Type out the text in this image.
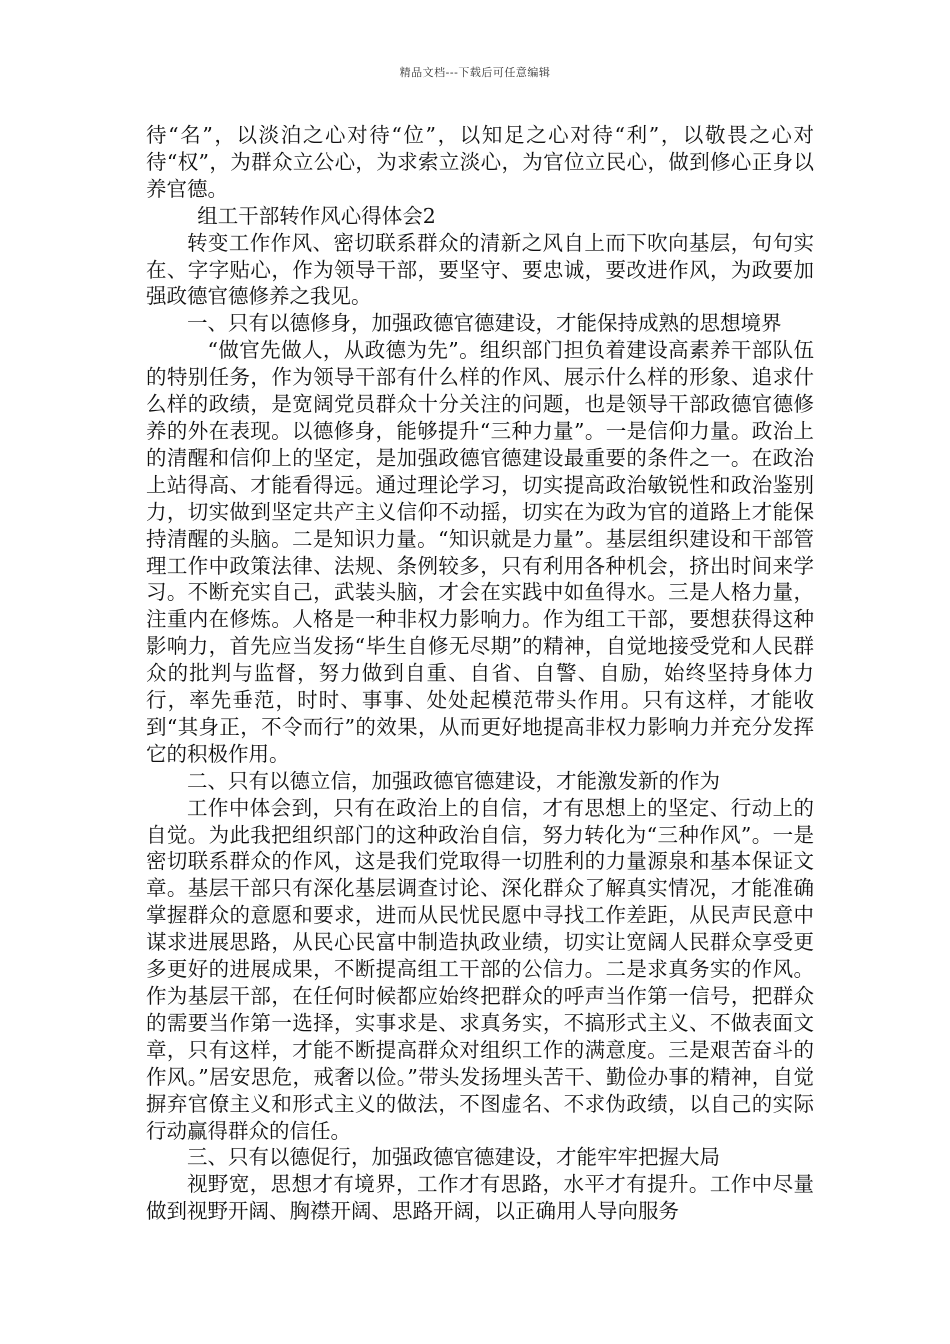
精品文档---下载后可任意编辑

待“名”，以淡泊之心对待“位”，以知足之心对待“利”，以敬畏之心对待“权”，为群众立公心，为求索立淡心，为官位立民心，做到修心正身以养官德。

组工干部转作风心得体会2

转变工作作风、密切联系群众的清新之风自上而下吹向基层，句句实在、字字贴心，作为领导干部，要坚守、要忠诚，要改进作风，为政要加强政德官德修养之我见。

一、只有以德修身，加强政德官德建设，才能保持成熟的思想境界

“做官先做人，从政德为先”。组织部门担负着建设高素养干部队伍的特别任务，作为领导干部有什么样的作风、展示什么样的形象、追求什么样的政绩，是宽阔党员群众十分关注的问题，也是领导干部政德官德修养的外在表现。以德修身，能够提升“三种力量”。一是信仰力量。政治上的清醒和信仰上的坚定，是加强政德官德建设最重要的条件之一。在政治上站得高、才能看得远。通过理论学习，切实提高政治敏锐性和政治鉴别力，切实做到坚定共产主义信仰不动摇，切实在为政为官的道路上才能保持清醒的头脑。二是知识力量。“知识就是力量”。基层组织建设和干部管理工作中政策法律、法规、条例较多，只有利用各种机会，挤出时间来学习。不断充实自己，武装头脑，才会在实践中如鱼得水。三是人格力量，注重内在修炼。人格是一种非权力影响力。作为组工干部，要想获得这种影响力，首先应当发扬“毕生自修无尽期”的精神，自觉地接受党和人民群众的批判与监督，努力做到自重、自省、自警、自励，始终坚持身体力行，率先垂范，时时、事事、处处起模范带头作用。只有这样，才能收到“其身正，不令而行”的效果，从而更好地提高非权力影响力并充分发挥它的积极作用。

二、只有以德立信，加强政德官德建设，才能激发新的作为

工作中体会到，只有在政治上的自信，才有思想上的坚定、行动上的自觉。为此我把组织部门的这种政治自信，努力转化为“三种作风”。一是密切联系群众的作风，这是我们党取得一切胜利的力量源泉和基本保证文章。基层干部只有深化基层调查讨论、深化群众了解真实情况，才能准确掌握群众的意愿和要求，进而从民忧民愿中寻找工作差距，从民声民意中谋求进展思路，从民心民富中制造执政业绩，切实让宽阔人民群众享受更多更好的进展成果，不断提高组工干部的公信力。二是求真务实的作风。作为基层干部，在任何时候都应始终把群众的呼声当作第一信号，把群众的需要当作第一选择，实事求是、求真务实，不搞形式主义、不做表面文章，只有这样，才能不断提高群众对组织工作的满意度。三是艰苦奋斗的作风。”居安思危，戒奢以俭。”带头发扬埋头苦干、勤俭办事的精神，自觉摒弃官僚主义和形式主义的做法，不图虚名、不求伪政绩，以自己的实际行动赢得群众的信任。

三、只有以德促行，加强政德官德建设，才能牢牢把握大局

视野宽，思想才有境界，工作才有思路，水平才有提升。工作中尽量做到视野开阔、胸襟开阔、思路开阔，以正确用人导向服务
